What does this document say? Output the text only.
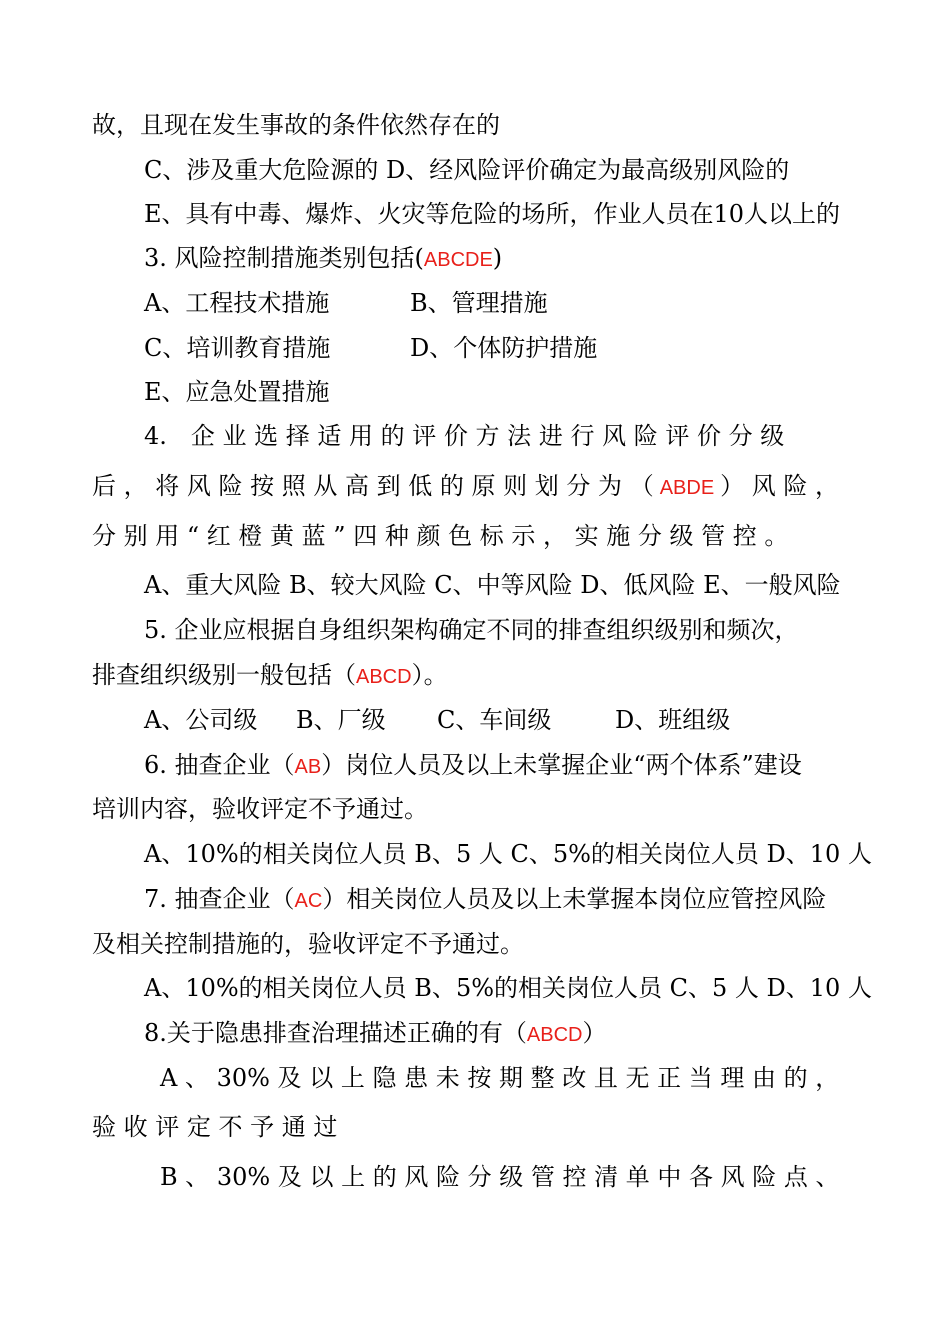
故，且现在发生事故的条件依然存在的
C、涉及重大危险源的 D、经风险评价确定为最高级别风险的
E、具有中毒、爆炸、火灾等危险的场所，作业人员在10人以上的
3. 风险控制措施类别包括(ABCDE)
A、工程技术措施	B、管理措施
C、培训教育措施	D、个体防护措施
E、应急处置措施
4.　企 业 选 择 适 用 的 评 价 方 法 进 行 风 险 评 价 分 级
后 ， 将 风 险 按 照 从 高 到 低 的 原 则 划 分 为 （ ABDE ） 风 险 ，
分 别 用 “ 红 橙 黄 蓝 ” 四 种 颜 色 标 示 ， 实 施 分 级 管 控 。
A、重大风险 B、较大风险 C、中等风险 D、低风险 E、一般风险
5. 企业应根据自身组织架构确定不同的排查组织级别和频次，
排查组织级别一般包括（ABCD）。
A、公司级 B、厂级 C、车间级	D、班组级
6. 抽查企业（AB）岗位人员及以上未掌握企业“两个体系”建设
培训内容，验收评定不予通过。
A、10%的相关岗位人员 B、5 人 C、5%的相关岗位人员 D、10 人
7. 抽查企业（AC）相关岗位人员及以上未掌握本岗位应管控风险
及相关控制措施的，验收评定不予通过。
A、10%的相关岗位人员 B、5%的相关岗位人员 C、5 人 D、10 人
8.关于隐患排查治理描述正确的有（ABCD）
A 、 30% 及 以 上 隐 患 未 按 期 整 改 且 无 正 当 理 由 的 ，
验 收 评 定 不 予 通 过
B 、 30% 及 以 上 的 风 险 分 级 管 控 清 单 中 各 风 险 点 、
